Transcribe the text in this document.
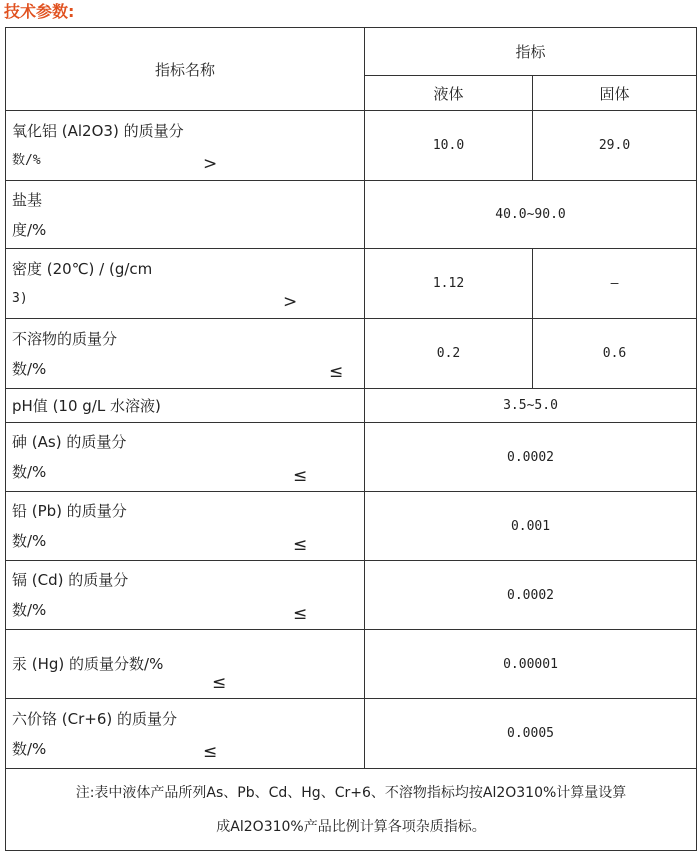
技术参数:
指标名称	指标	
	液体	固体

氧化铝 (Al2O3) 的质量分
数/% >	10.0	29.0

盐基
度/%	40.0~90.0	

密度 (20℃) / (g/cm
3) >	1.12	—

不溶物的质量分
数/% ≤	0.2	0.6

pH值 (10 g/L 水溶液)	3.5~5.0	

砷 (As) 的质量分
数/% ≤	0.0002	

铅 (Pb) 的质量分
数/% ≤	0.001	

镉 (Cd) 的质量分
数/% ≤	0.0002	

汞 (Hg) 的质量分数/%
≤	0.00001	

六价铬 (Cr+6) 的质量分
数/% ≤	0.0005	

注:表中液体产品所列As、Pb、Cd、Hg、Cr+6、不溶物指标均按Al2O310%计算量设算
成Al2O310%产品比例计算各项杂质指标。		
